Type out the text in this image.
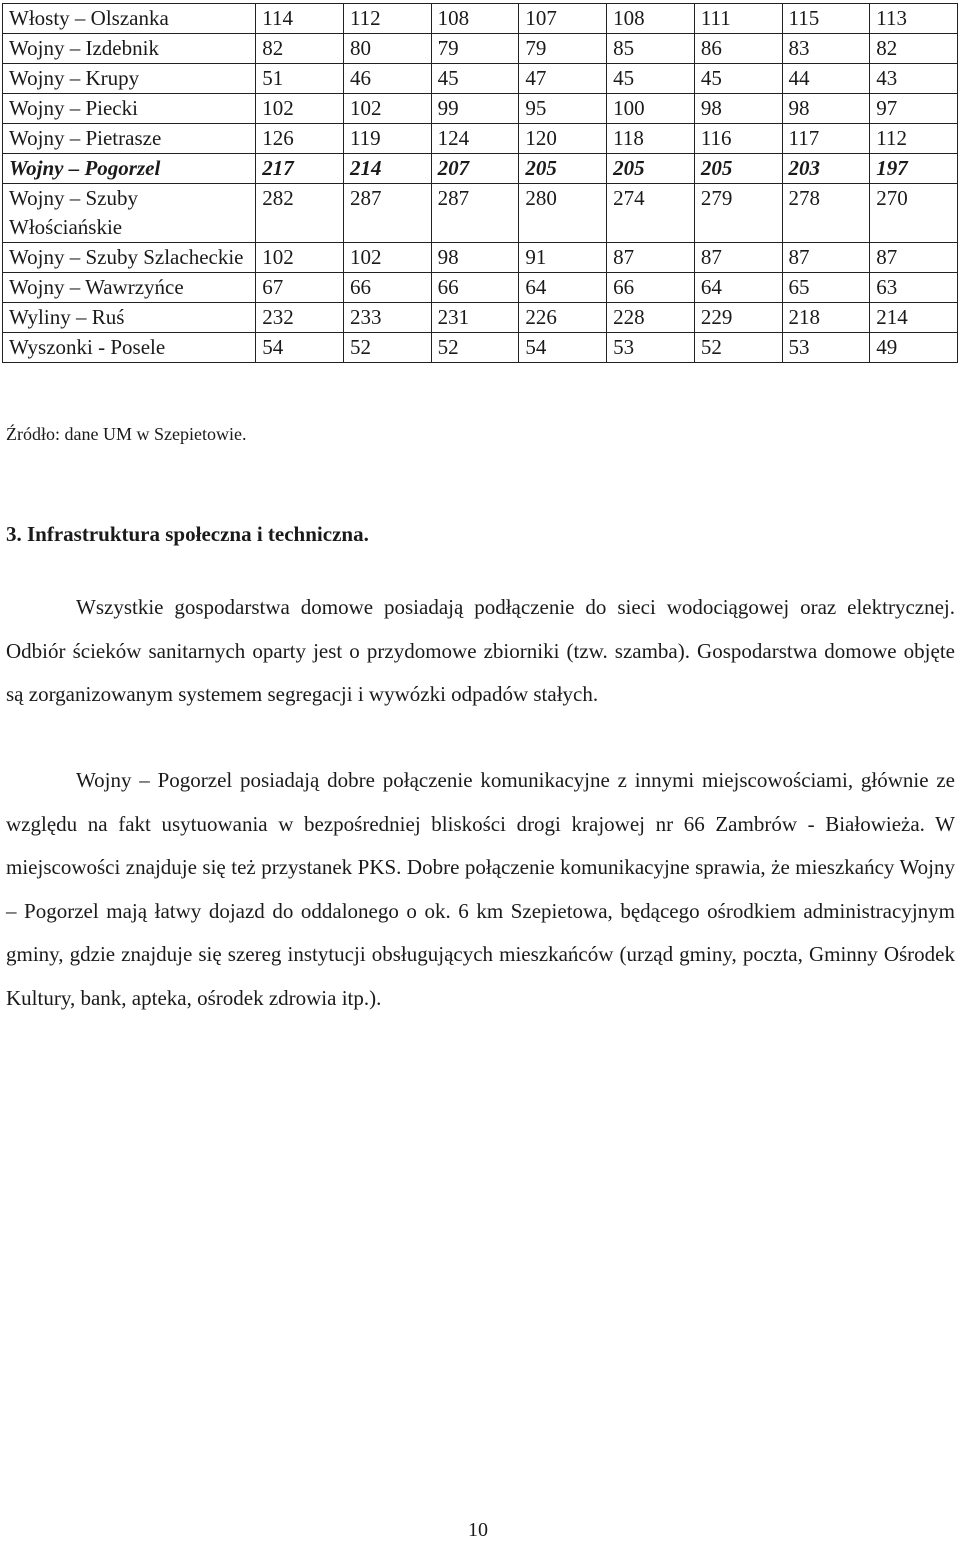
Włosty – Olszanka	114	112	108	107	108	111	115	113
Wojny – Izdebnik	82	80	79	79	85	86	83	82
Wojny – Krupy	51	46	45	47	45	45	44	43
Wojny – Piecki	102	102	99	95	100	98	98	97
Wojny – Pietrasze	126	119	124	120	118	116	117	112
Wojny – Pogorzel	217	214	207	205	205	205	203	197
Wojny – Szuby Włościańskie	282	287	287	280	274	279	278	270
Wojny – Szuby Szlacheckie	102	102	98	91	87	87	87	87
Wojny – Wawrzyńce	67	66	66	64	66	64	65	63
Wyliny – Ruś	232	233	231	226	228	229	218	214
Wyszonki - Posele	54	52	52	54	53	52	53	49
Źródło: dane UM w Szepietowie.
3. Infrastruktura społeczna i techniczna.

Wszystkie gospodarstwa domowe posiadają podłączenie do sieci wodociągowej oraz elektrycznej. Odbiór ścieków sanitarnych oparty jest o przydomowe zbiorniki (tzw. szamba). Gospodarstwa domowe objęte są zorganizowanym systemem segregacji i wywózki odpadów stałych.

Wojny – Pogorzel posiadają dobre połączenie komunikacyjne z innymi miejscowościami, głównie ze względu na fakt usytuowania w bezpośredniej bliskości drogi krajowej nr 66 Zambrów - Białowieża. W miejscowości znajduje się też przystanek PKS. Dobre połączenie komunikacyjne sprawia, że mieszkańcy Wojny – Pogorzel mają łatwy dojazd do oddalonego o ok. 6 km Szepietowa, będącego ośrodkiem administracyjnym gminy, gdzie znajduje się szereg instytucji obsługujących mieszkańców (urząd gminy, poczta, Gminny Ośrodek Kultury, bank, apteka, ośrodek zdrowia itp.).

10
